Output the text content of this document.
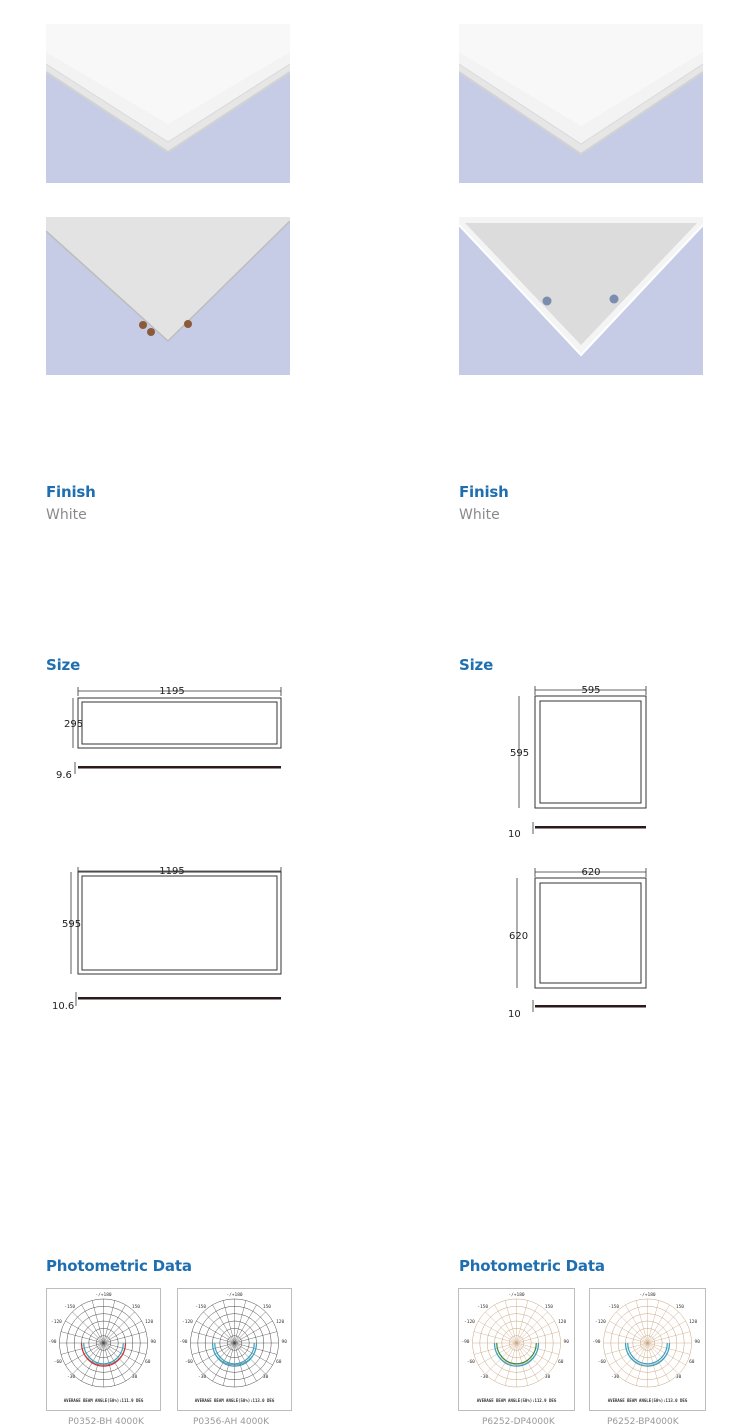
Finish
White
Finish
White
Size	Size
1195
295
9.6
1195
595
10.6
595
595
10
620
620
10
Photometric Data	Photometric Data
-/+180
-150
-120
-90
-60
-30
150
120
90
60
30
AVERAGE BEAM ANGLE(50%):111.9 DEG
-/+180
-150
-120
-90
-60
-30
150
120
90
60
30
AVERAGE BEAM ANGLE(50%):113.0 DEG
-/+180
-150
-120
-90
-60
-30
150
120
90
60
30
AVERAGE BEAM ANGLE(50%):112.9 DEG
-/+180
-150
-120
-90
-60
-30
150
120
90
60
30
AVERAGE BEAM ANGLE(50%):113.0 DEG
P0352-BH 4000K	P0356-AH 4000K	P6252-DP4000K	P6252-BP4000K
